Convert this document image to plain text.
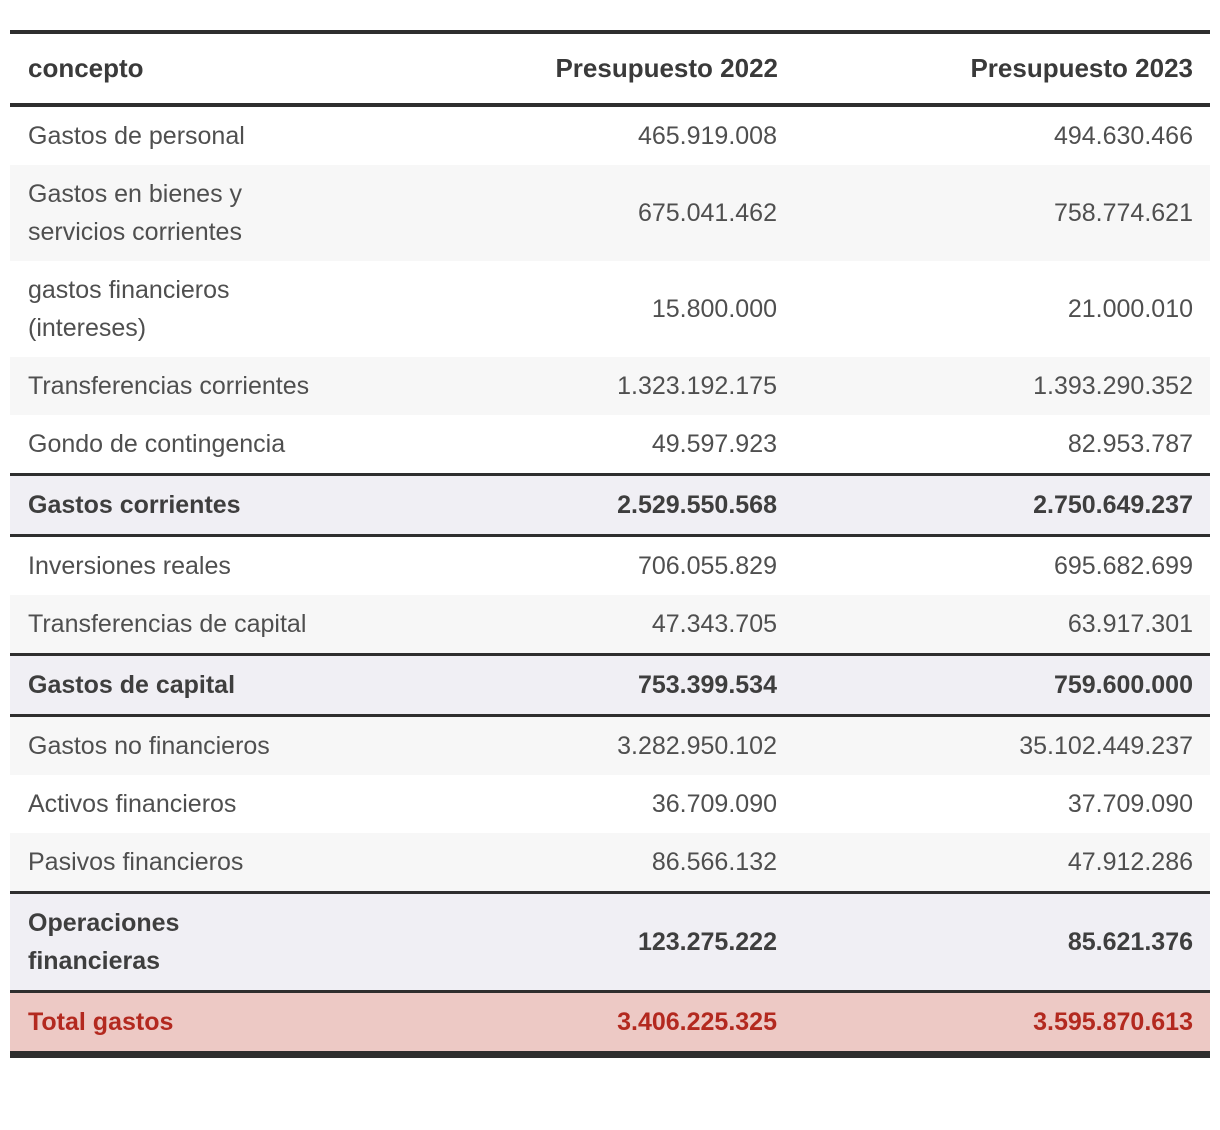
concepto	Presupuesto 2022	Presupuesto 2023
Gastos de personal	465.919.008	494.630.466
Gastos en bienes y
servicios corrientes	675.041.462	758.774.621
gastos financieros
(intereses)	15.800.000	21.000.010
Transferencias corrientes	1.323.192.175	1.393.290.352
Gondo de contingencia	49.597.923	82.953.787
Gastos corrientes	2.529.550.568	2.750.649.237
Inversiones reales	706.055.829	695.682.699
Transferencias de capital	47.343.705	63.917.301
Gastos de capital	753.399.534	759.600.000
Gastos no financieros	3.282.950.102	35.102.449.237
Activos financieros	36.709.090	37.709.090
Pasivos financieros	86.566.132	47.912.286
Operaciones
financieras	123.275.222	85.621.376
Total gastos	3.406.225.325	3.595.870.613
